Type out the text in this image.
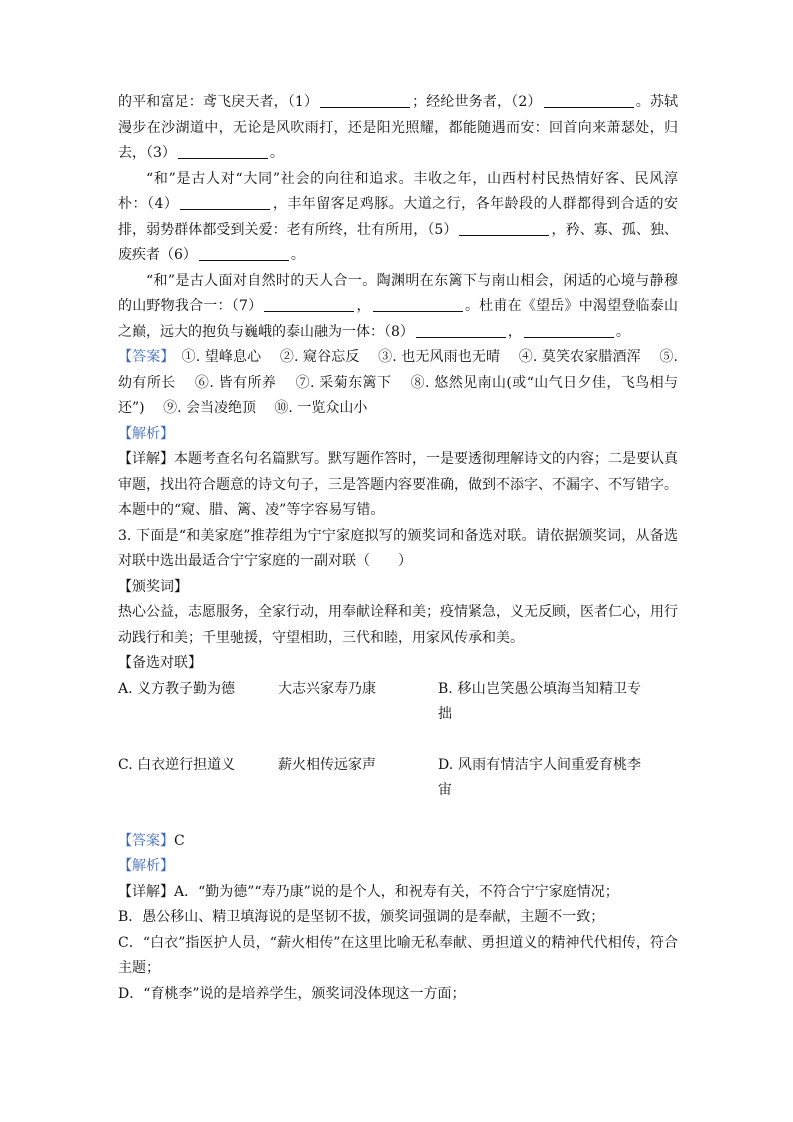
的平和富足：鸢飞戾天者，（1）	；经纶世务者，（2）	。苏轼漫步在沙湖道中，无论是风吹雨打，还是阳光照耀，都能随遇而安：回首向来萧瑟处，归去，（3）	。

“和”是古人对“大同”社会的向往和追求。丰收之年，山西村村民热情好客、民风淳朴：（4）	，丰年留客足鸡豚。大道之行，各年龄段的人群都得到合适的安排，弱势群体都受到关爱：老有所终，壮有所用，（5）	，矜、寡、孤、独、废疾者（6）	。

“和”是古人面对自然时的天人合一。陶渊明在东篱下与南山相会，闲适的心境与静穆的山野物我合一：（7）	，	。杜甫在《望岳》中渴望登临泰山之巅，远大的抱负与巍峨的泰山融为一体：（8）	，	。

【答案】　 ①. 望峰息心　 ②. 窥谷忘反　 ③. 也无风雨也无晴　 ④. 莫笑农家腊酒浑　 ⑤. 幼有所长　 ⑥. 皆有所养　 ⑦. 采菊东篱下　 ⑧. 悠然见南山(或“山气日夕佳，飞鸟相与还”)　 ⑨. 会当凌绝顶　 ⑩. 一览众山小

【解析】

【详解】本题考查名句名篇默写。默写题作答时，一是要透彻理解诗文的内容；二是要认真审题，找出符合题意的诗文句子，三是答题内容要准确，做到不添字、不漏字、不写错字。本题中的“窥、腊、篱、凌”等字容易写错。

3. 下面是“和美家庭”推荐组为宁宁家庭拟写的颁奖词和备选对联。请依据颁奖词，从备选对联中选出最适合宁宁家庭的一副对联（　　）

【颁奖词】

热心公益，志愿服务，全家行动，用奉献诠释和美；疫情紧急，义无反顾，医者仁心，用行动践行和美；千里驰援，守望相助，三代和睦，用家风传承和美。

【备选对联】

A. 义方教子勤为德	大志兴家寿乃康	B. 移山岂笑愚公拙
填海当知精卫专
C. 白衣逆行担道义	薪火相传远家声	D. 风雨有情洁宇宙
人间重爱育桃李

【答案】C

【解析】

【详解】A．“勤为德”“寿乃康”说的是个人，和祝寿有关，不符合宁宁家庭情况；

B．愚公移山、精卫填海说的是坚韧不拔，颁奖词强调的是奉献，主题不一致；

C．“白衣”指医护人员，“薪火相传”在这里比喻无私奉献、勇担道义的精神代代相传，符合主题；

D．“育桃李”说的是培养学生，颁奖词没体现这一方面；
